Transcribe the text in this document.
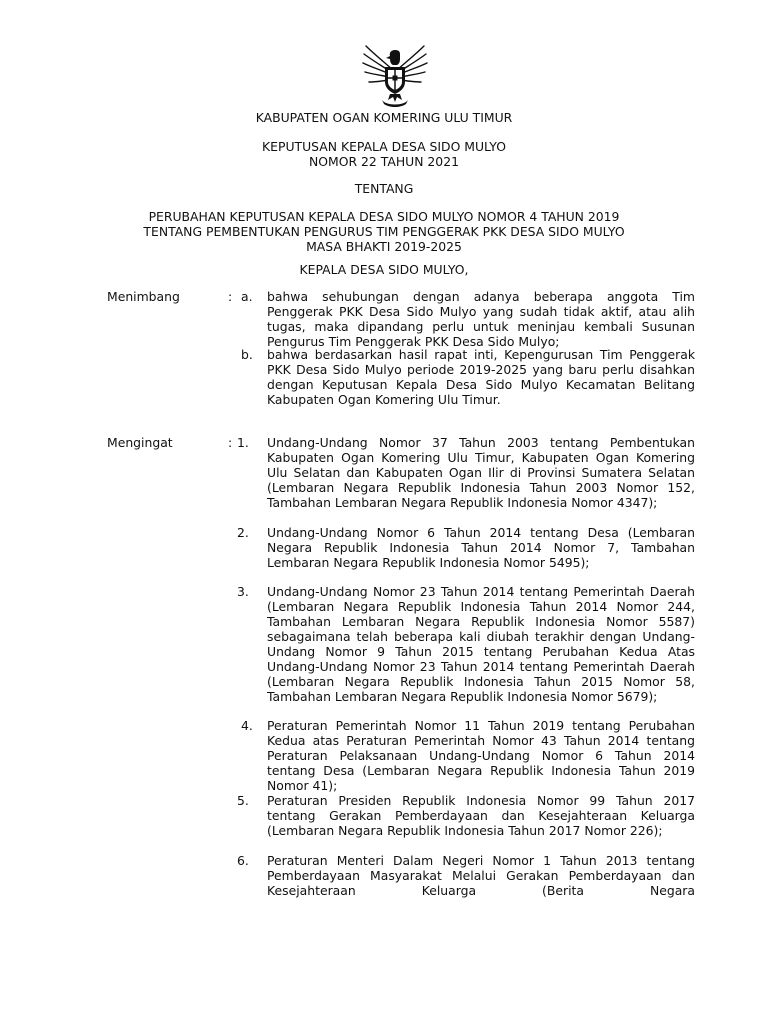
KABUPATEN OGAN KOMERING ULU TIMUR
KEPUTUSAN KEPALA DESA SIDO MULYO
NOMOR 22 TAHUN 2021
TENTANG
PERUBAHAN KEPUTUSAN KEPALA DESA SIDO MULYO NOMOR 4 TAHUN 2019
TENTANG PEMBENTUKAN PENGURUS TIM PENGGERAK PKK DESA SIDO MULYO
MASA BHAKTI 2019-2025
KEPALA DESA SIDO MULYO,
Menimbang	: a. bahwa sehubungan dengan adanya beberapa anggota Tim Penggerak PKK Desa Sido Mulyo yang sudah tidak aktif, atau alih tugas, maka dipandang perlu untuk meninjau kembali Susunan Pengurus Tim Penggerak PKK Desa Sido Mulyo;
b. bahwa berdasarkan hasil rapat inti, Kepengurusan Tim Penggerak PKK Desa Sido Mulyo periode 2019-2025 yang baru perlu disahkan dengan Keputusan Kepala Desa Sido Mulyo Kecamatan Belitang Kabupaten Ogan Komering Ulu Timur.
Mengingat	: 1. Undang-Undang Nomor 37 Tahun 2003 tentang Pembentukan Kabupaten Ogan Komering Ulu Timur, Kabupaten Ogan Komering Ulu Selatan dan Kabupaten Ogan Ilir di Provinsi Sumatera Selatan (Lembaran Negara Republik Indonesia Tahun 2003 Nomor 152, Tambahan Lembaran Negara Republik Indonesia Nomor 4347);
2. Undang-Undang Nomor 6 Tahun 2014 tentang Desa (Lembaran Negara Republik Indonesia Tahun 2014 Nomor 7, Tambahan Lembaran Negara Republik Indonesia Nomor 5495);
3. Undang-Undang Nomor 23 Tahun 2014 tentang Pemerintah Daerah (Lembaran Negara Republik Indonesia Tahun 2014 Nomor 244, Tambahan Lembaran Negara Republik Indonesia Nomor 5587) sebagaimana telah beberapa kali diubah terakhir dengan Undang-Undang Nomor 9 Tahun 2015 tentang Perubahan Kedua Atas Undang-Undang Nomor 23 Tahun 2014 tentang Pemerintah Daerah (Lembaran Negara Republik Indonesia Tahun 2015 Nomor 58, Tambahan Lembaran Negara Republik Indonesia Nomor 5679);
4. Peraturan Pemerintah Nomor 11 Tahun 2019 tentang Perubahan Kedua atas Peraturan Pemerintah Nomor 43 Tahun 2014 tentang Peraturan Pelaksanaan Undang-Undang Nomor 6 Tahun 2014 tentang Desa (Lembaran Negara Republik Indonesia Tahun 2019 Nomor 41);
5. Peraturan Presiden Republik Indonesia Nomor 99 Tahun 2017 tentang Gerakan Pemberdayaan dan Kesejahteraan Keluarga (Lembaran Negara Republik Indonesia Tahun 2017 Nomor 226);
6. Peraturan Menteri Dalam Negeri Nomor 1 Tahun 2013 tentang Pemberdayaan Masyarakat Melalui Gerakan Pemberdayaan dan Kesejahteraan Keluarga (Berita Negara
